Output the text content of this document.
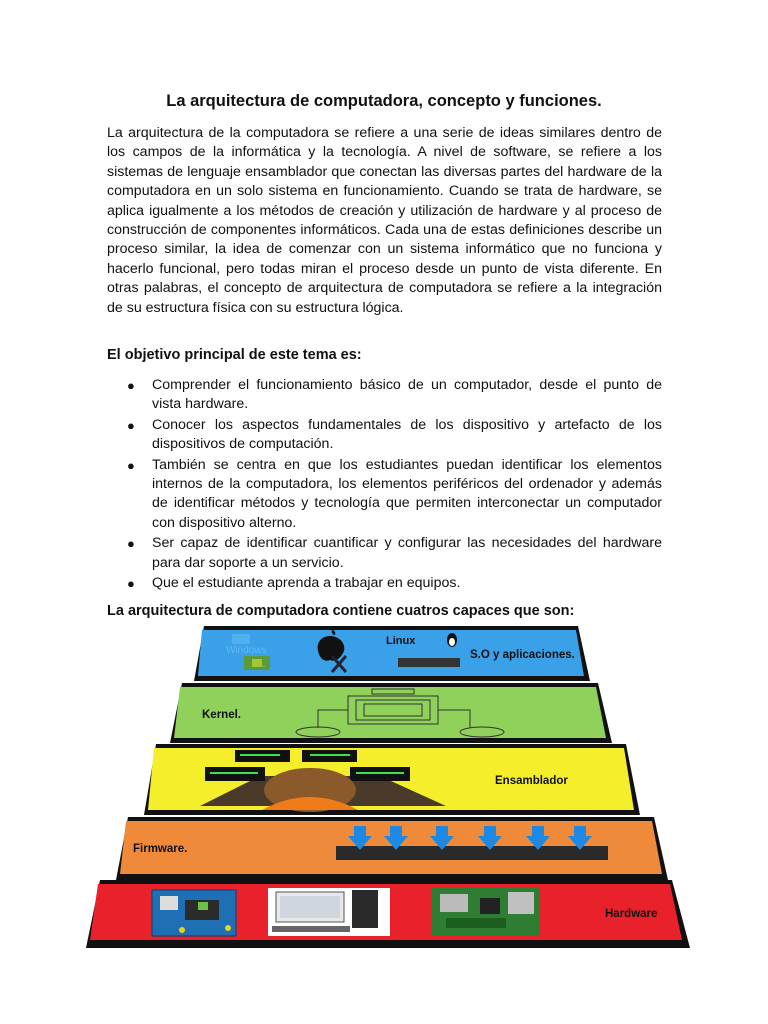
La arquitectura de computadora, concepto y funciones.

La arquitectura de la computadora se refiere a una serie de ideas similares dentro de los campos de la informática y la tecnología. A nivel de software, se refiere a los sistemas de lenguaje ensamblador que conectan las diversas partes del hardware de la computadora en un solo sistema en funcionamiento. Cuando se trata de hardware, se aplica igualmente a los métodos de creación y utilización de hardware y al proceso de construcción de componentes informáticos. Cada una de estas definiciones describe un proceso similar, la idea de comenzar con un sistema informático que no funciona y hacerlo funcional, pero todas miran el proceso desde un punto de vista diferente. En otras palabras, el concepto de arquitectura de computadora se refiere a la integración de su estructura física con su estructura lógica.

El objetivo principal de este tema es:
● Comprender el funcionamiento básico de un computador, desde el punto de vista hardware.
● Conocer los aspectos fundamentales de los dispositivo y artefacto de los dispositivos de computación.
● También se centra en que los estudiantes puedan identificar los elementos internos de la computadora, los elementos periféricos del ordenador y además de identificar métodos y tecnología que permiten interconectar un computador con dispositivo alterno.
● Ser capaz de identificar cuantificar y configurar las necesidades del hardware para dar soporte a un servicio.
● Que el estudiante aprenda a trabajar en equipos.
La arquitectura de computadora contiene cuatros capaces que son:
Hardware
Firmware.
Ensamblador
Kernel.
Windows
Android
Linux
S.O y aplicaciones.
